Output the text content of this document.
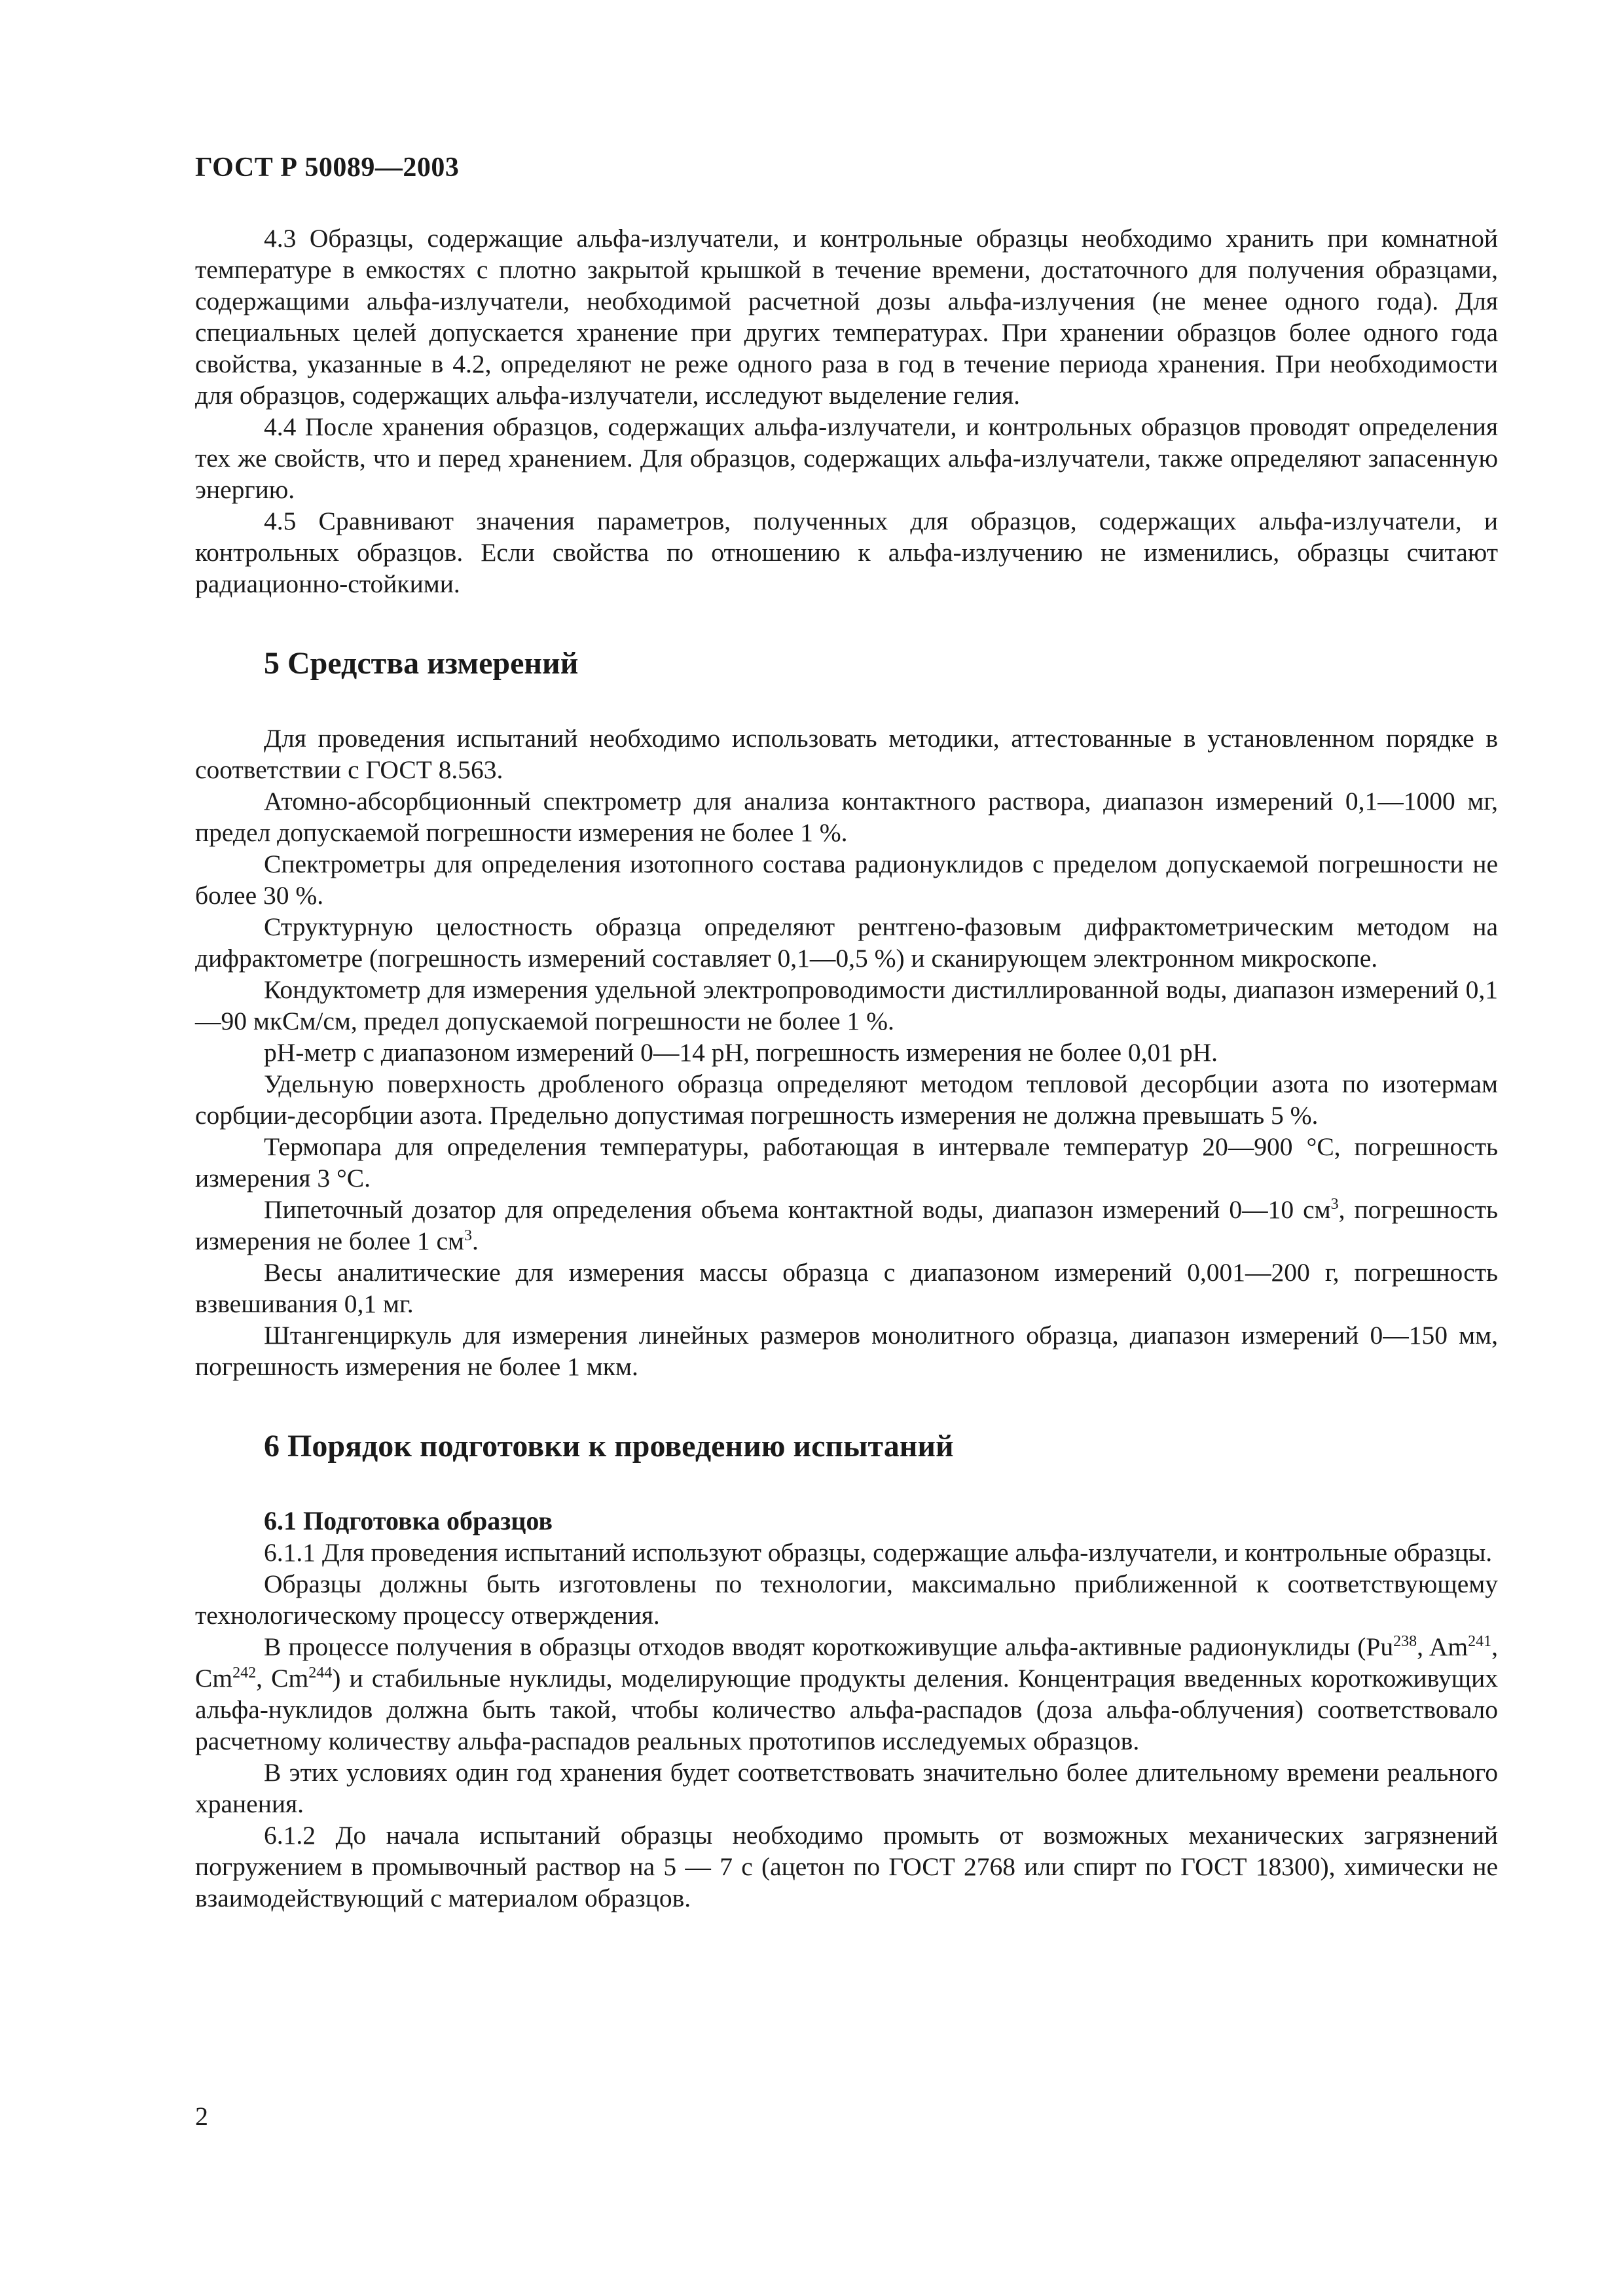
ГОСТ Р 50089—2003

4.3 Образцы, содержащие альфа-излучатели, и контрольные образцы необходимо хранить при комнатной температуре в емкостях с плотно закрытой крышкой в течение времени, достаточного для получения образцами, содержащими альфа-излучатели, необходимой расчетной дозы альфа-излучения (не менее одного года). Для специальных целей допускается хранение при других температурах. При хранении образцов более одного года свойства, указанные в 4.2, определяют не реже одного раза в год в течение периода хранения. При необходимости для образцов, содержащих альфа-излучатели, исследуют выделение гелия.

4.4 После хранения образцов, содержащих альфа-излучатели, и контрольных образцов проводят определения тех же свойств, что и перед хранением. Для образцов, содержащих альфа-излучатели, также определяют запасенную энергию.

4.5 Сравнивают значения параметров, полученных для образцов, содержащих альфа-излучатели, и контрольных образцов. Если свойства по отношению к альфа-излучению не изменились, образцы считают радиационно-стойкими.

5 Средства измерений

Для проведения испытаний необходимо использовать методики, аттестованные в установленном порядке в соответствии с ГОСТ 8.563.

Атомно-абсорбционный спектрометр для анализа контактного раствора, диапазон измерений 0,1—1000 мг, предел допускаемой погрешности измерения не более 1 %.

Спектрометры для определения изотопного состава радионуклидов с пределом допускаемой погрешности не более 30 %.

Структурную целостность образца определяют рентгено-фазовым дифрактометрическим методом на дифрактометре (погрешность измерений составляет 0,1—0,5 %) и сканирующем электронном микроскопе.

Кондуктометр для измерения удельной электропроводимости дистиллированной воды, диапазон измерений 0,1—90 мкСм/см, предел допускаемой погрешности не более 1 %.

pH-метр с диапазоном измерений 0—14 pH, погрешность измерения не более 0,01 pH.

Удельную поверхность дробленого образца определяют методом тепловой десорбции азота по изотермам сорбции-десорбции азота. Предельно допустимая погрешность измерения не должна превышать 5 %.

Термопара для определения температуры, работающая в интервале температур 20—900 °С, погрешность измерения 3 °С.

Пипеточный дозатор для определения объема контактной воды, диапазон измерений 0—10 $см^3$, погрешность измерения не более 1 $см^3$.

Весы аналитические для измерения массы образца с диапазоном измерений 0,001—200 г, погрешность взвешивания 0,1 мг.

Штангенциркуль для измерения линейных размеров монолитного образца, диапазон измерений 0—150 мм, погрешность измерения не более 1 мкм.

6 Порядок подготовки к проведению испытаний
6.1 Подготовка образцов

6.1.1 Для проведения испытаний используют образцы, содержащие альфа-излучатели, и контрольные образцы.

Образцы должны быть изготовлены по технологии, максимально приближенной к соответствующему технологическому процессу отверждения.

В процессе получения в образцы отходов вводят короткоживущие альфа-активные радионуклиды (Pu$^{238}$, Am$^{241}$, Cm$^{242}$, Cm$^{244}$) и стабильные нуклиды, моделирующие продукты деления. Концентрация введенных короткоживущих альфа-нуклидов должна быть такой, чтобы количество альфа-распадов (доза альфа-облучения) соответствовало расчетному количеству альфа-распадов реальных прототипов исследуемых образцов.

В этих условиях один год хранения будет соответствовать значительно более длительному времени реального хранения.

6.1.2 До начала испытаний образцы необходимо промыть от возможных механических загрязнений погружением в промывочный раствор на 5 — 7 с (ацетон по ГОСТ 2768 или спирт по ГОСТ 18300), химически не взаимодействующий с материалом образцов.

2
